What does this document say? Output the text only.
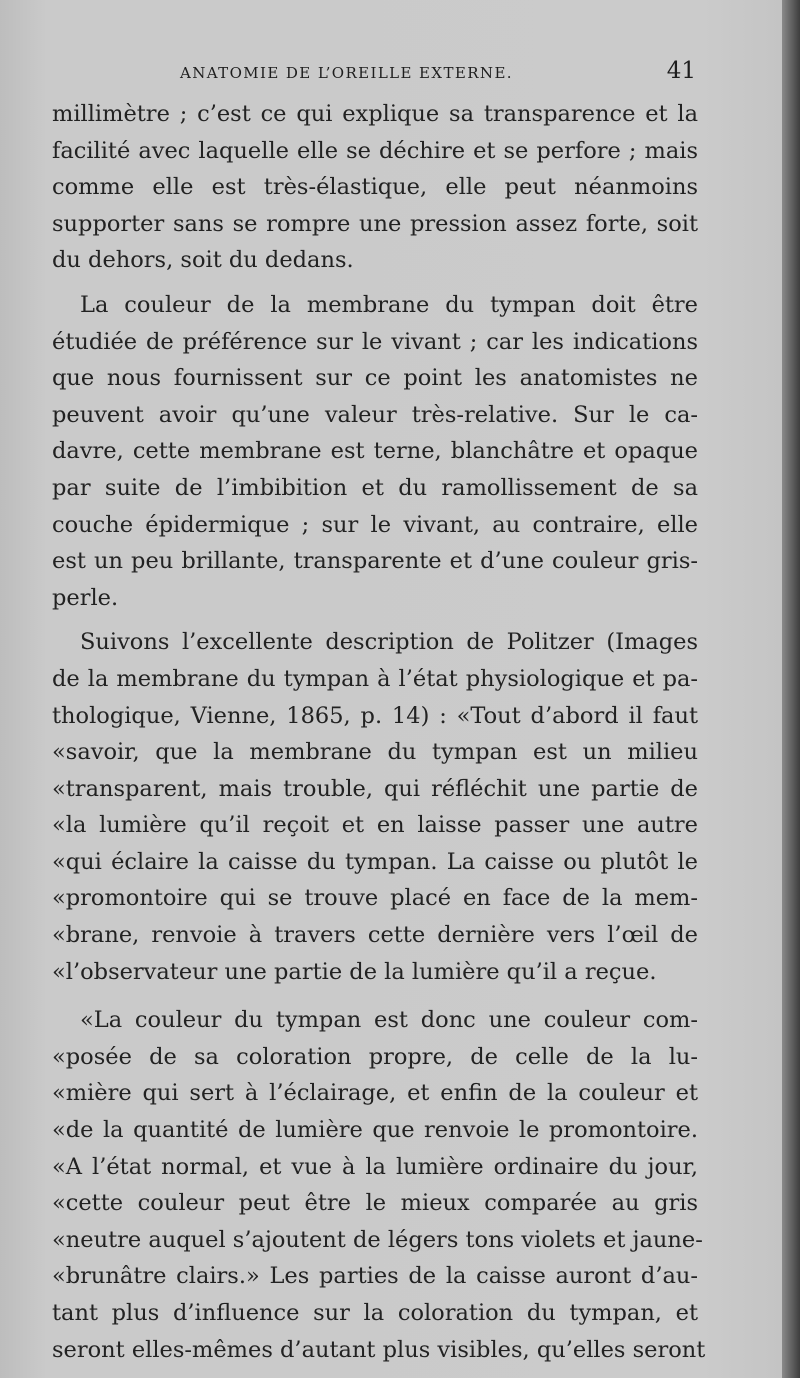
ANATOMIE DE L’OREILLE EXTERNE.	41
millimètre ; c’est ce qui explique sa transparence et la
facilité avec laquelle elle se déchire et se perfore ; mais
comme elle est très-élastique, elle peut néanmoins
supporter sans se rompre une pression assez forte, soit
du dehors, soit du dedans.
La couleur de la membrane du tympan doit être
étudiée de préférence sur le vivant ; car les indications
que nous fournissent sur ce point les anatomistes ne
peuvent avoir qu’une valeur très-relative. Sur le ca-
davre, cette membrane est terne, blanchâtre et opaque
par suite de l’imbibition et du ramollissement de sa
couche épidermique ; sur le vivant, au contraire, elle
est un peu brillante, transparente et d’une couleur gris-
perle.
Suivons l’excellente description de Politzer (Images
de la membrane du tympan à l’état physiologique et pa-
thologique, Vienne, 1865, p. 14) : «Tout d’abord il faut
«savoir, que la membrane du tympan est un milieu
«transparent, mais trouble, qui réfléchit une partie de
«la lumière qu’il reçoit et en laisse passer une autre
«qui éclaire la caisse du tympan. La caisse ou plutôt le
«promontoire qui se trouve placé en face de la mem-
«brane, renvoie à travers cette dernière vers l’œil de
«l’observateur une partie de la lumière qu’il a reçue.
«La couleur du tympan est donc une couleur com-
«posée de sa coloration propre, de celle de la lu-
«mière qui sert à l’éclairage, et enfin de la couleur et
«de la quantité de lumière que renvoie le promontoire.
«A l’état normal, et vue à la lumière ordinaire du jour,
«cette couleur peut être le mieux comparée au gris
«neutre auquel s’ajoutent de légers tons violets et jaune-
«brunâtre clairs.» Les parties de la caisse auront d’au-
tant plus d’influence sur la coloration du tympan, et
seront elles-mêmes d’autant plus visibles, qu’elles seront
